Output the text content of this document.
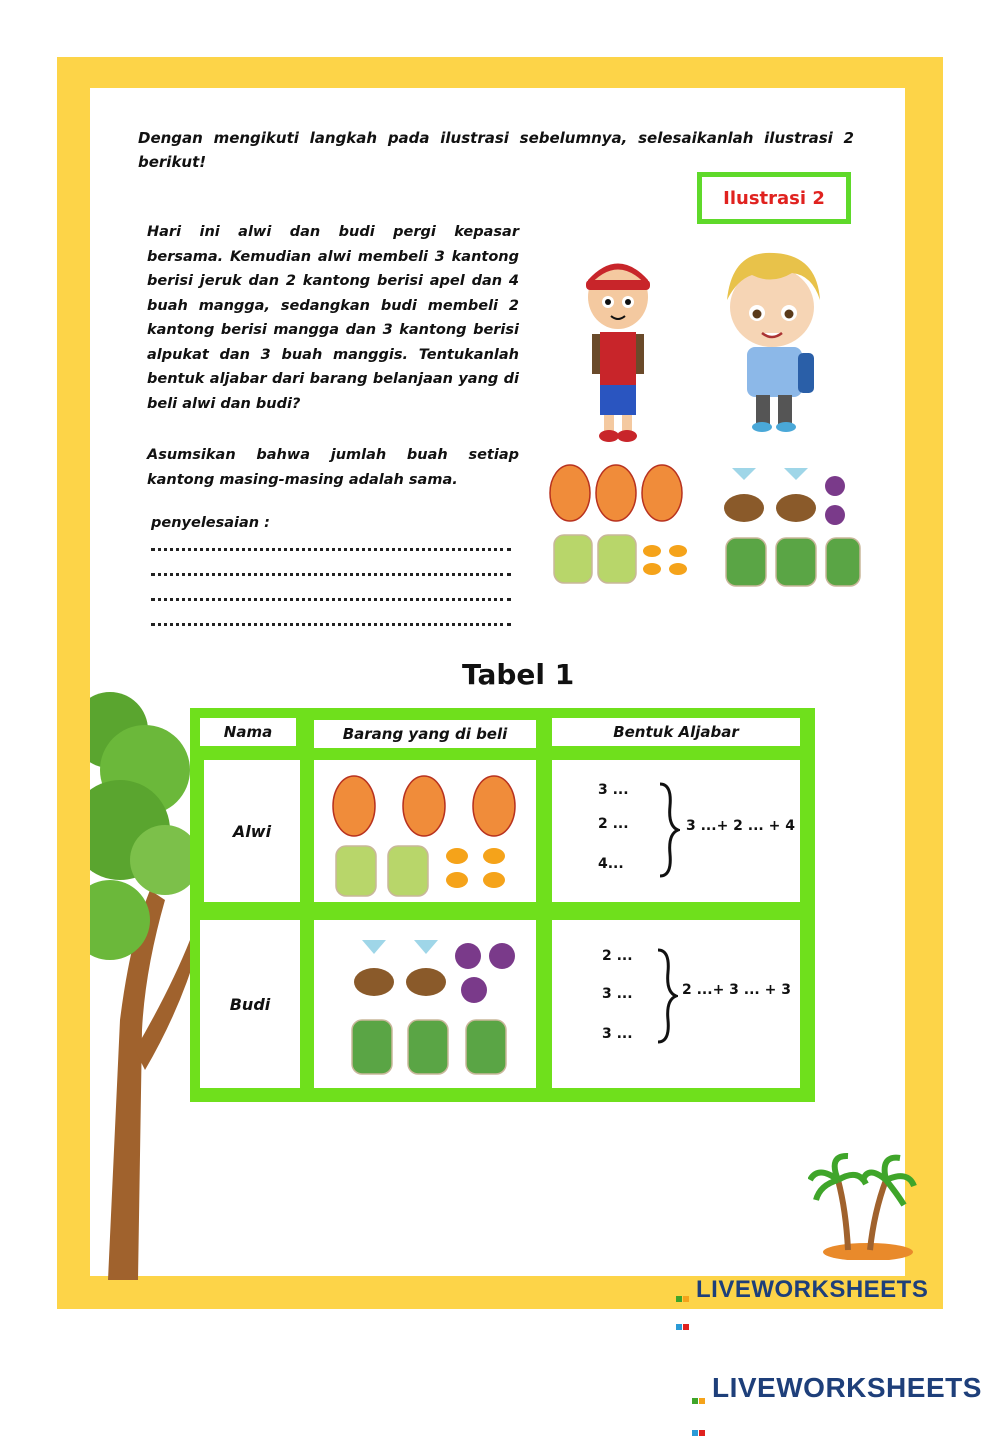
Dengan mengikuti langkah pada ilustrasi sebelumnya, selesaikanlah ilustrasi 2 berikut!
Ilustrasi 2
Hari ini alwi dan budi pergi kepasar bersama. Kemudian alwi membeli 3 kantong berisi jeruk dan 2 kantong berisi apel dan 4 buah mangga, sedangkan budi membeli 2 kantong berisi mangga dan 3 kantong berisi alpukat dan 3 buah manggis. Tentukanlah bentuk aljabar dari barang belanjaan yang di beli alwi dan budi?
Asumsikan bahwa jumlah buah setiap kantong masing-masing adalah sama.
penyelesaian :
Tabel 1
Nama	Barang yang di beli	Bentuk Aljabar
Alwi
3 ...
2 ...
4...
3 ...+ 2 ... + 4
Budi
2 ...
3 ...
3 ...
2 ...+ 3 ... + 3

LIVEWORKSHEETS

LIVEWORKSHEETS
